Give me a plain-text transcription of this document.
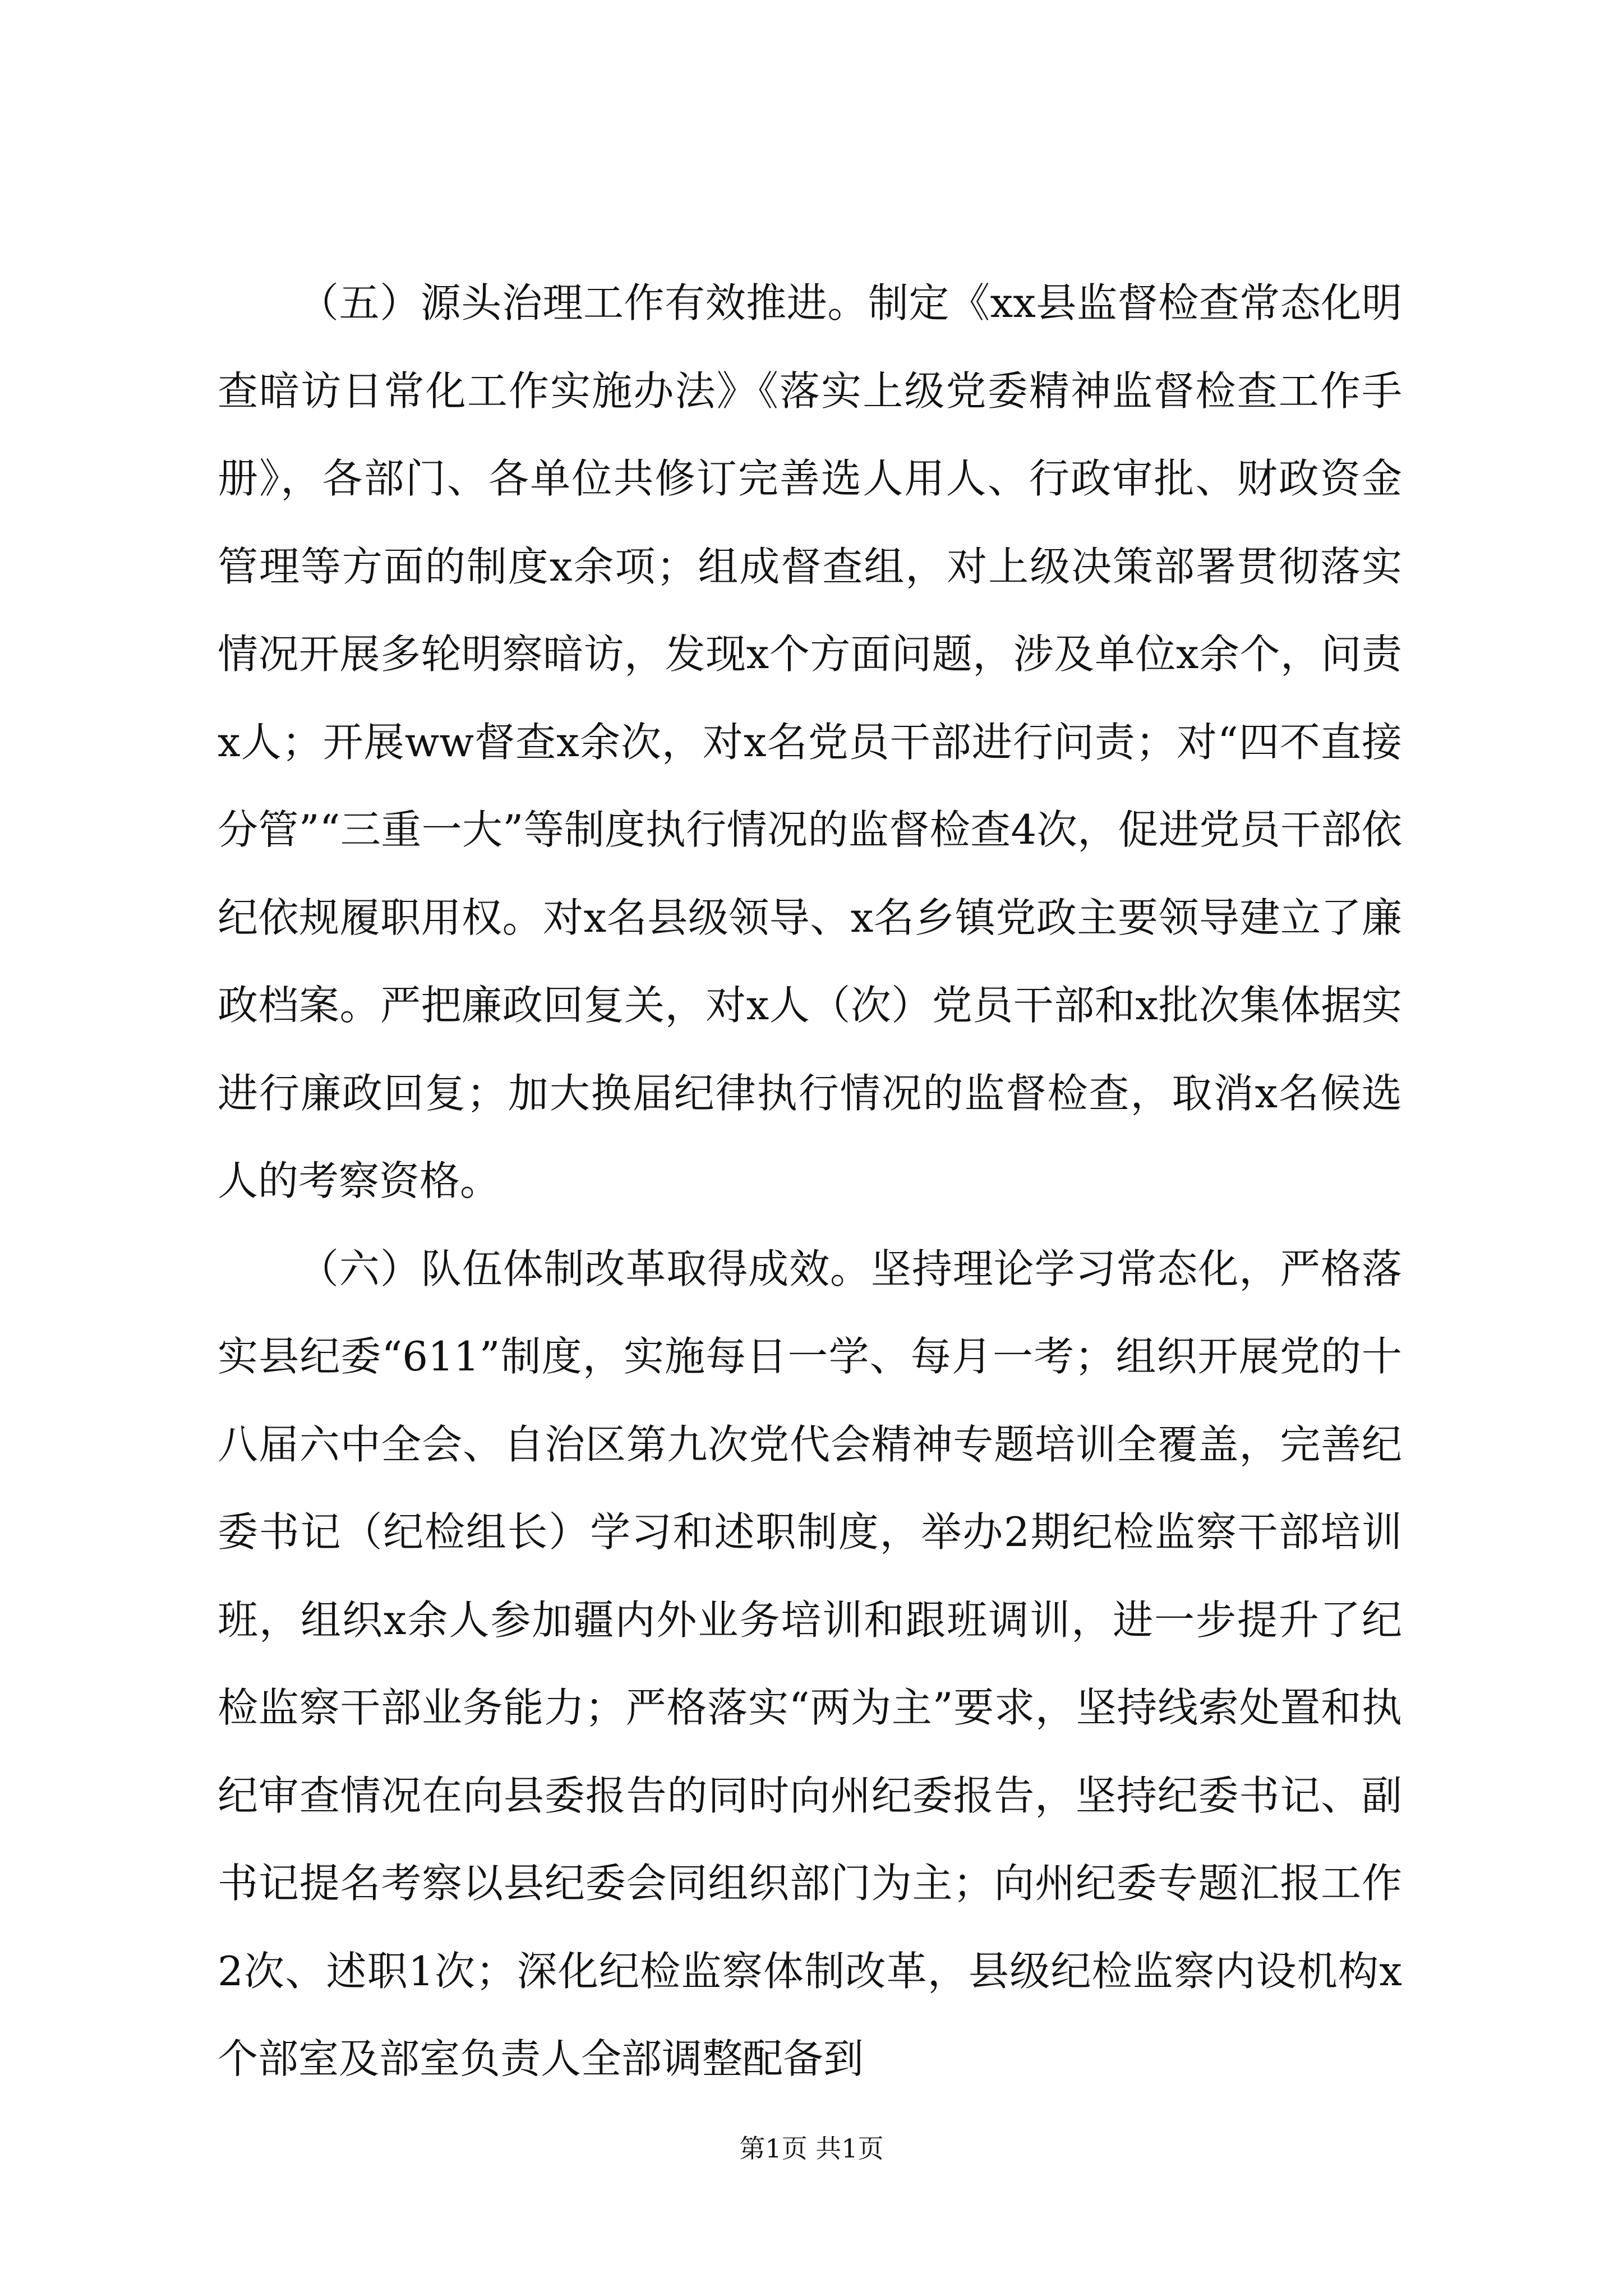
（五）源头治理工作有效推进。制定《xx县监督检查常态化明查暗访日常化工作实施办法》《落实上级党委精神监督检查工作手册》，各部门、各单位共修订完善选人用人、行政审批、财政资金管理等方面的制度x余项；组成督查组，对上级决策部署贯彻落实情况开展多轮明察暗访，发现x个方面问题，涉及单位x余个，问责x人；开展ww督查x余次，对x名党员干部进行问责；对“四不直接分管”“三重一大”等制度执行情况的监督检查4次，促进党员干部依纪依规履职用权。对x名县级领导、x名乡镇党政主要领导建立了廉政档案。严把廉政回复关，对x人（次）党员干部和x批次集体据实进行廉政回复；加大换届纪律执行情况的监督检查，取消x名候选人的考察资格。

（六）队伍体制改革取得成效。坚持理论学习常态化，严格落实县纪委“611”制度，实施每日一学、每月一考；组织开展党的十八届六中全会、自治区第九次党代会精神专题培训全覆盖，完善纪委书记（纪检组长）学习和述职制度，举办2期纪检监察干部培训班，组织x余人参加疆内外业务培训和跟班调训，进一步提升了纪检监察干部业务能力；严格落实“两为主”要求，坚持线索处置和执纪审查情况在向县委报告的同时向州纪委报告，坚持纪委书记、副书记提名考察以县纪委会同组织部门为主；向州纪委专题汇报工作2次、述职1次；深化纪检监察体制改革，县级纪检监察内设机构x个部室及部室负责人全部调整配备到

第1页 共1页
